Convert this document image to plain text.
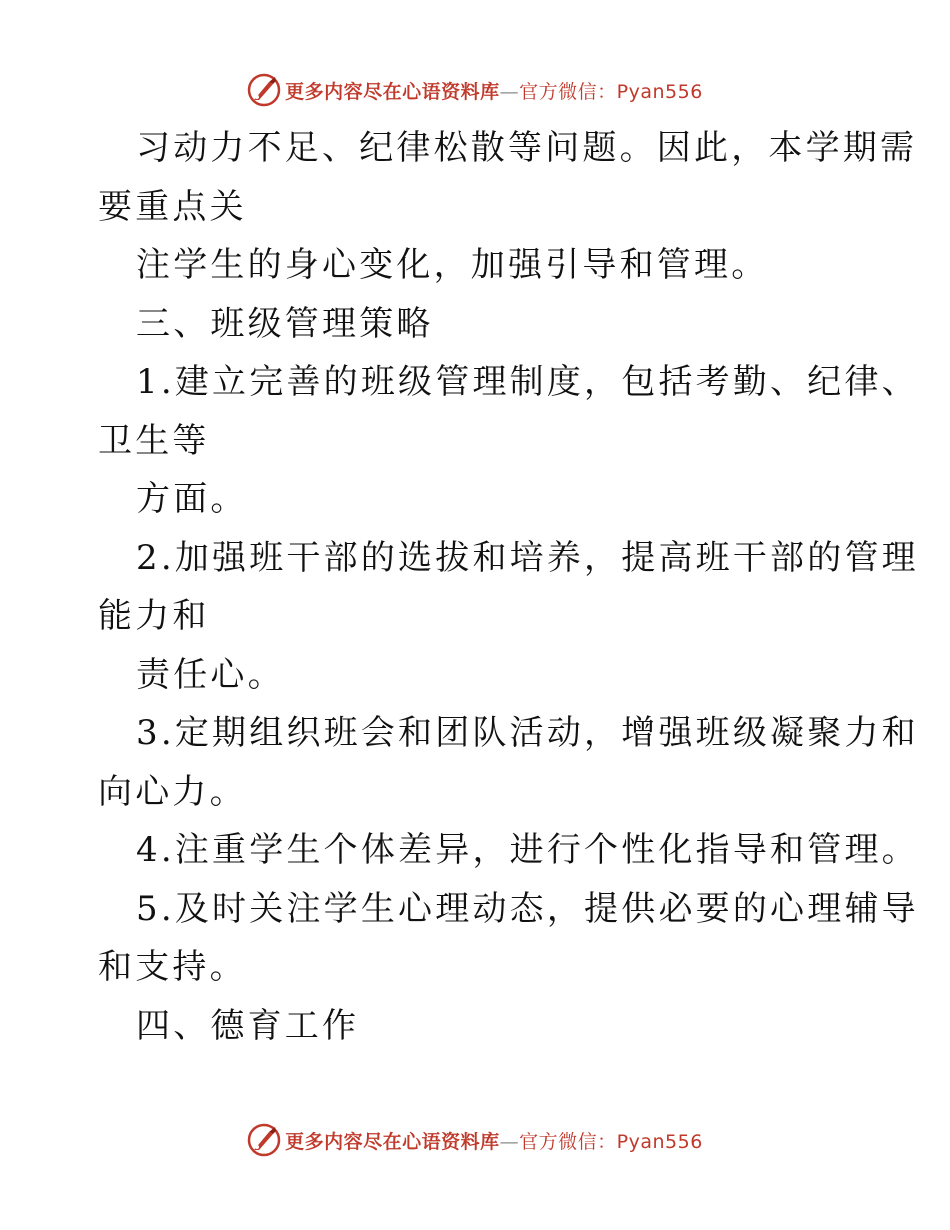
更多内容尽在心语资料库—官方微信：Pyan556
习动力不足、纪律松散等问题。因此，本学期需
要重点关
注学生的身心变化，加强引导和管理。
三、班级管理策略
1.建立完善的班级管理制度，包括考勤、纪律、
卫生等
方面。
2.加强班干部的选拔和培养，提高班干部的管理
能力和
责任心。
3.定期组织班会和团队活动，增强班级凝聚力和
向心力。
4.注重学生个体差异，进行个性化指导和管理。
5.及时关注学生心理动态，提供必要的心理辅导
和支持。
四、德育工作
更多内容尽在心语资料库—官方微信：Pyan556
